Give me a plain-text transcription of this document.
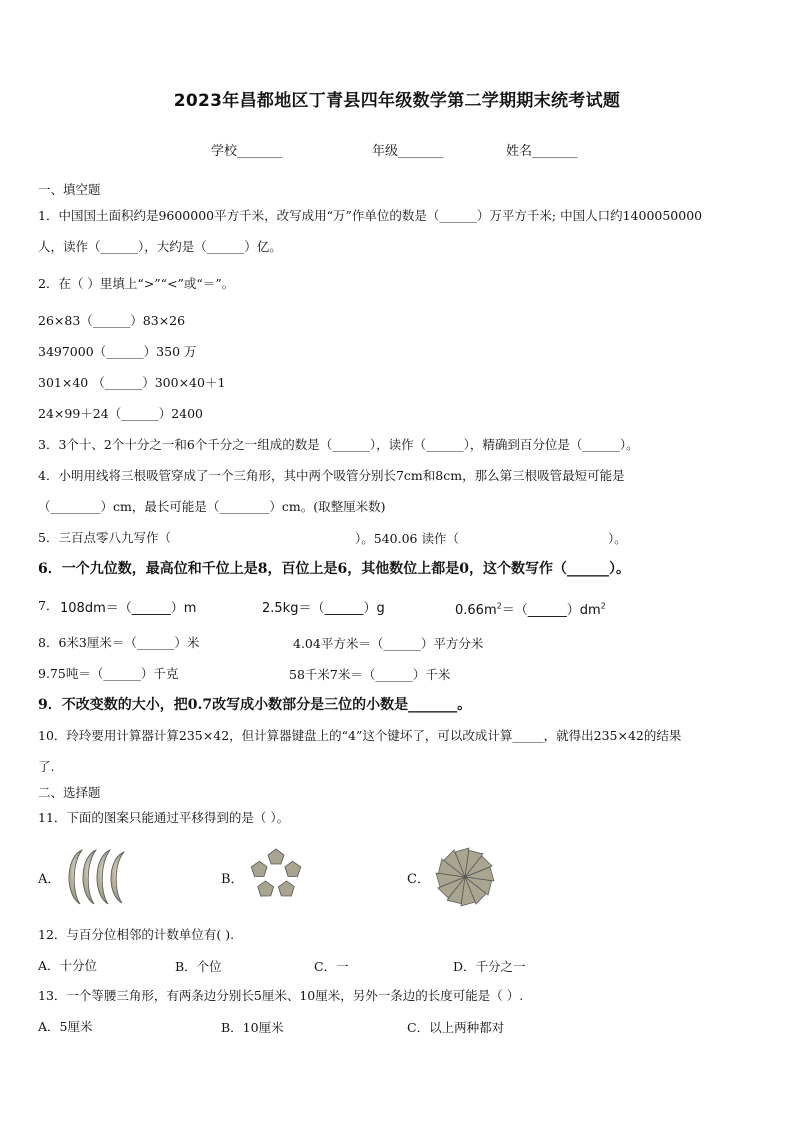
2023年昌都地区丁青县四年级数学第二学期期末统考试题
学校_______	年级_______	姓名_______
一、填空题
1．中国国土面积约是9600000平方千米，改写成用“万”作单位的数是（______）万平方千米; 中国人口约1400050000
人，读作（______），大约是（______）亿。
2．在（ ）里填上“>”“<”或“＝”。
26×83（______）83×26
3497000（______）350 万
301×40 （______）300×40＋1
24×99＋24（______）2400
3．3个十、2个十分之一和6个千分之一组成的数是（______），读作（______），精确到百分位是（______）。
4．小明用线将三根吸管穿成了一个三角形，其中两个吸管分别长7cm和8cm，那么第三根吸管最短可能是
（________）cm，最长可能是（________）cm。(取整厘米数)
5．三百点零八九写作（	）。540.06 读作（	）。
6．一个九位数，最高位和千位上是8，百位上是6，其他数位上都是0，这个数写作（______）。
7． 108dm＝（______）m	2.5kg＝（______）g	$0.66m^2=(\_\_\_\_\_\_)dm^2$
8．6米3厘米＝（______）米	4.04平方米＝（______）平方分米
9.75吨＝（______）千克	58千米7米＝（______）千米
9．不改变数的大小，把0.7改写成小数部分是三位的小数是_______。
10．玲玲要用计算器计算235×42，但计算器键盘上的“4”这个键坏了，可以改成计算_____，就得出235×42的结果
了.
二、选择题
11．下面的图案只能通过平移得到的是（ ）。
A．	B．	C．
12．与百分位相邻的计数单位有( ).
A．十分位	B．个位	C．一	D．千分之一
13．一个等腰三角形，有两条边分别长5厘米、10厘米，另外一条边的长度可能是（ ）.
A．5厘米	B．10厘米	C．以上两种都对
